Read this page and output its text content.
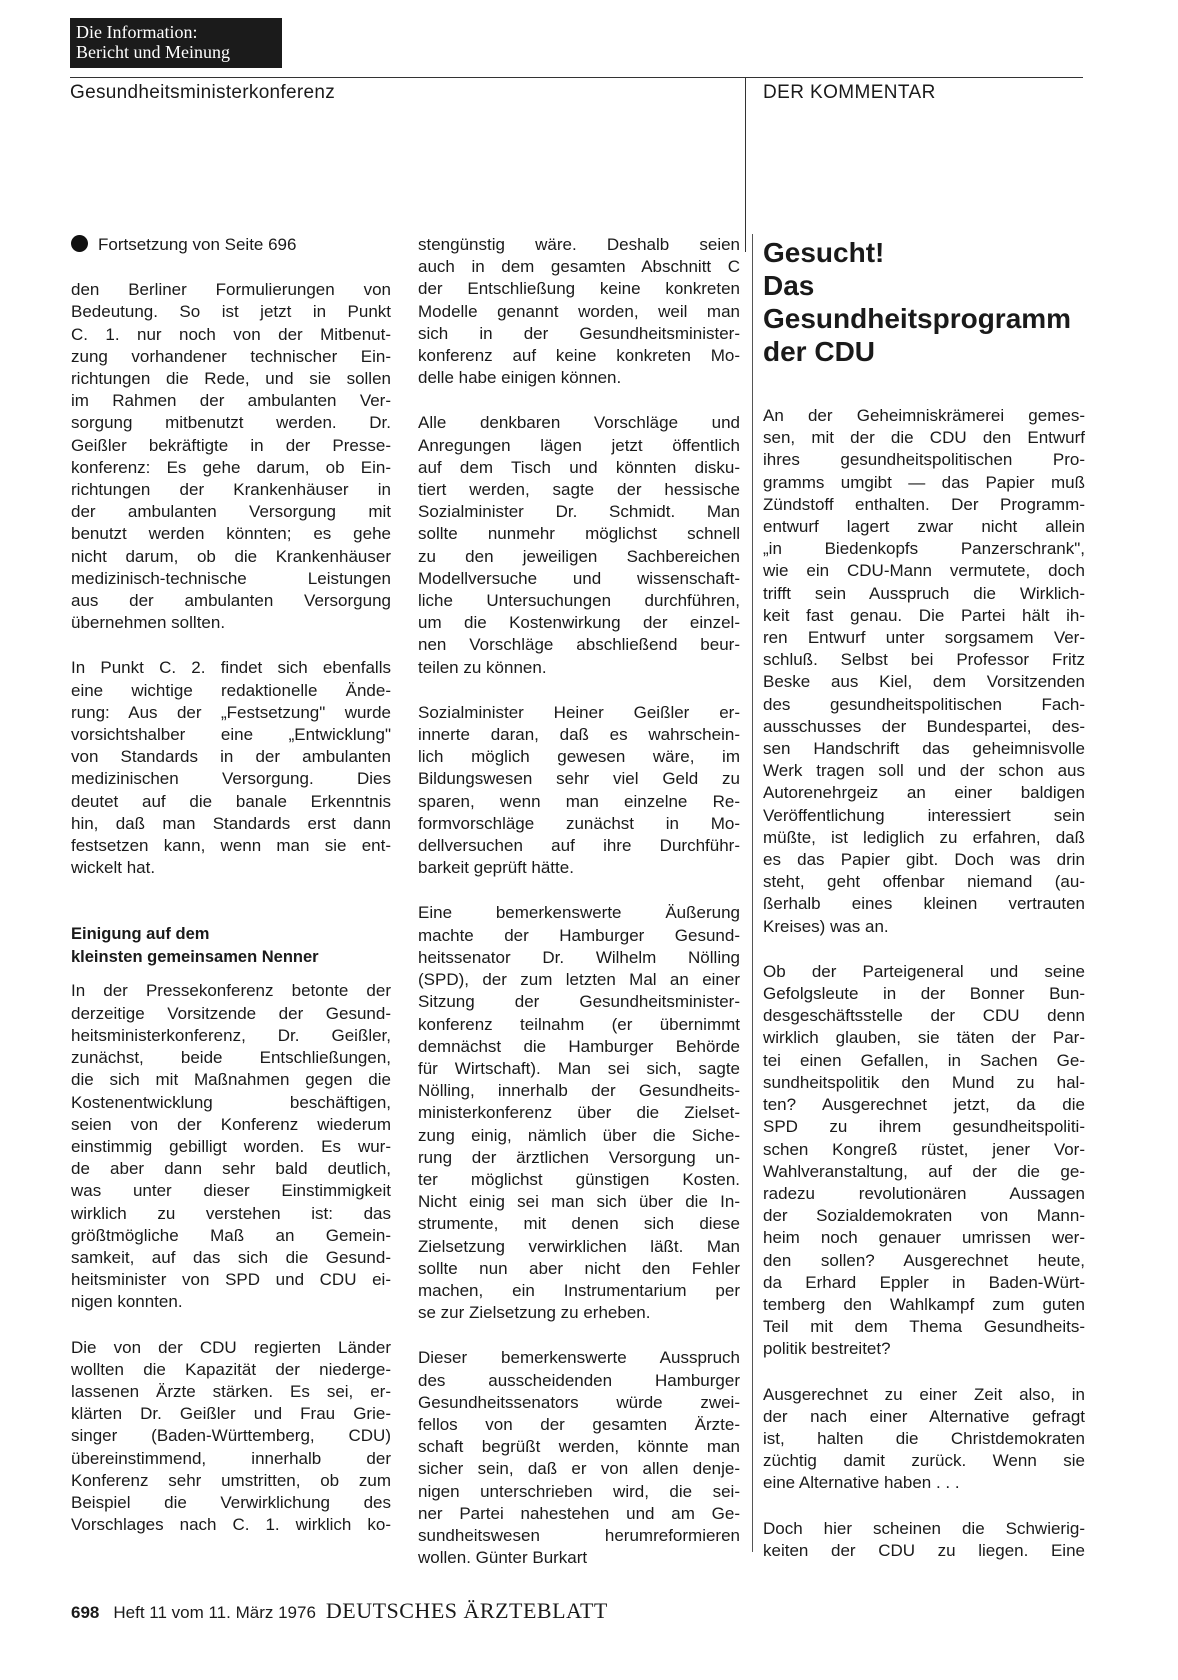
Die Information:
Bericht und Meinung
Gesundheitsministerkonferenz	DER KOMMENTAR

Fortsetzung von Seite 696

den Berliner Formulierungen von
Bedeutung. So ist jetzt in Punkt
C. 1. nur noch von der Mitbenut-
zung vorhandener technischer Ein-
richtungen die Rede, und sie sollen
im Rahmen der ambulanten Ver-
sorgung mitbenutzt werden. Dr.
Geißler bekräftigte in der Presse-
konferenz: Es gehe darum, ob Ein-
richtungen der Krankenhäuser in
der ambulanten Versorgung mit
benutzt werden könnten; es gehe
nicht darum, ob die Krankenhäuser
medizinisch-technische Leistungen
aus der ambulanten Versorgung
übernehmen sollten.

In Punkt C. 2. findet sich ebenfalls
eine wichtige redaktionelle Ände-
rung: Aus der „Festsetzung" wurde
vorsichtshalber eine „Entwicklung"
von Standards in der ambulanten
medizinischen Versorgung. Dies
deutet auf die banale Erkenntnis
hin, daß man Standards erst dann
festsetzen kann, wenn man sie ent-
wickelt hat.

Einigung auf dem
kleinsten gemeinsamen Nenner

In der Pressekonferenz betonte der
derzeitige Vorsitzende der Gesund-
heitsministerkonferenz, Dr. Geißler,
zunächst, beide Entschließungen,
die sich mit Maßnahmen gegen die
Kostenentwicklung beschäftigen,
seien von der Konferenz wiederum
einstimmig gebilligt worden. Es wur-
de aber dann sehr bald deutlich,
was unter dieser Einstimmigkeit
wirklich zu verstehen ist: das
größtmögliche Maß an Gemein-
samkeit, auf das sich die Gesund-
heitsminister von SPD und CDU ei-
nigen konnten.

Die von der CDU regierten Länder
wollten die Kapazität der niederge-
lassenen Ärzte stärken. Es sei, er-
klärten Dr. Geißler und Frau Grie-
singer (Baden-Württemberg, CDU)
übereinstimmend, innerhalb der
Konferenz sehr umstritten, ob zum
Beispiel die Verwirklichung des
Vorschlages nach C. 1. wirklich ko-

stengünstig wäre. Deshalb seien
auch in dem gesamten Abschnitt C
der Entschließung keine konkreten
Modelle genannt worden, weil man
sich in der Gesundheitsminister-
konferenz auf keine konkreten Mo-
delle habe einigen können.

Alle denkbaren Vorschläge und
Anregungen lägen jetzt öffentlich
auf dem Tisch und könnten disku-
tiert werden, sagte der hessische
Sozialminister Dr. Schmidt. Man
sollte nunmehr möglichst schnell
zu den jeweiligen Sachbereichen
Modellversuche und wissenschaft-
liche Untersuchungen durchführen,
um die Kostenwirkung der einzel-
nen Vorschläge abschließend beur-
teilen zu können.

Sozialminister Heiner Geißler er-
innerte daran, daß es wahrschein-
lich möglich gewesen wäre, im
Bildungswesen sehr viel Geld zu
sparen, wenn man einzelne Re-
formvorschläge zunächst in Mo-
dellversuchen auf ihre Durchführ-
barkeit geprüft hätte.

Eine bemerkenswerte Äußerung
machte der Hamburger Gesund-
heitssenator Dr. Wilhelm Nölling
(SPD), der zum letzten Mal an einer
Sitzung der Gesundheitsminister-
konferenz teilnahm (er übernimmt
demnächst die Hamburger Behörde
für Wirtschaft). Man sei sich, sagte
Nölling, innerhalb der Gesundheits-
ministerkonferenz über die Zielset-
zung einig, nämlich über die Siche-
rung der ärztlichen Versorgung un-
ter möglichst günstigen Kosten.
Nicht einig sei man sich über die In-
strumente, mit denen sich diese
Zielsetzung verwirklichen läßt. Man
sollte nun aber nicht den Fehler
machen, ein Instrumentarium per
se zur Zielsetzung zu erheben.

Dieser bemerkenswerte Ausspruch
des ausscheidenden Hamburger
Gesundheitssenators würde zwei-
fellos von der gesamten Ärzte-
schaft begrüßt werden, könnte man
sicher sein, daß er von allen denje-
nigen unterschrieben wird, die sei-
ner Partei nahestehen und am Ge-
sundheitswesen herumreformieren
wollen. Günter Burkart

Gesucht!
Das
Gesundheitsprogramm
der CDU

An der Geheimniskrämerei gemes-
sen, mit der die CDU den Entwurf
ihres gesundheitspolitischen Pro-
gramms umgibt — das Papier muß
Zündstoff enthalten. Der Programm-
entwurf lagert zwar nicht allein
„in Biedenkopfs Panzerschrank",
wie ein CDU-Mann vermutete, doch
trifft sein Ausspruch die Wirklich-
keit fast genau. Die Partei hält ih-
ren Entwurf unter sorgsamem Ver-
schluß. Selbst bei Professor Fritz
Beske aus Kiel, dem Vorsitzenden
des gesundheitspolitischen Fach-
ausschusses der Bundespartei, des-
sen Handschrift das geheimnisvolle
Werk tragen soll und der schon aus
Autorenehrgeiz an einer baldigen
Veröffentlichung interessiert sein
müßte, ist lediglich zu erfahren, daß
es das Papier gibt. Doch was drin
steht, geht offenbar niemand (au-
ßerhalb eines kleinen vertrauten
Kreises) was an.

Ob der Parteigeneral und seine
Gefolgsleute in der Bonner Bun-
desgeschäftsstelle der CDU denn
wirklich glauben, sie täten der Par-
tei einen Gefallen, in Sachen Ge-
sundheitspolitik den Mund zu hal-
ten? Ausgerechnet jetzt, da die
SPD zu ihrem gesundheitspoliti-
schen Kongreß rüstet, jener Vor-
Wahlveranstaltung, auf der die ge-
radezu revolutionären Aussagen
der Sozialdemokraten von Mann-
heim noch genauer umrissen wer-
den sollen? Ausgerechnet heute,
da Erhard Eppler in Baden-Würt-
temberg den Wahlkampf zum guten
Teil mit dem Thema Gesundheits-
politik bestreitet?

Ausgerechnet zu einer Zeit also, in
der nach einer Alternative gefragt
ist, halten die Christdemokraten
züchtig damit zurück. Wenn sie
eine Alternative haben . . .

Doch hier scheinen die Schwierig-
keiten der CDU zu liegen. Eine

698 Heft 11 vom 11. März 1976 DEUTSCHES ÄRZTEBLATT
